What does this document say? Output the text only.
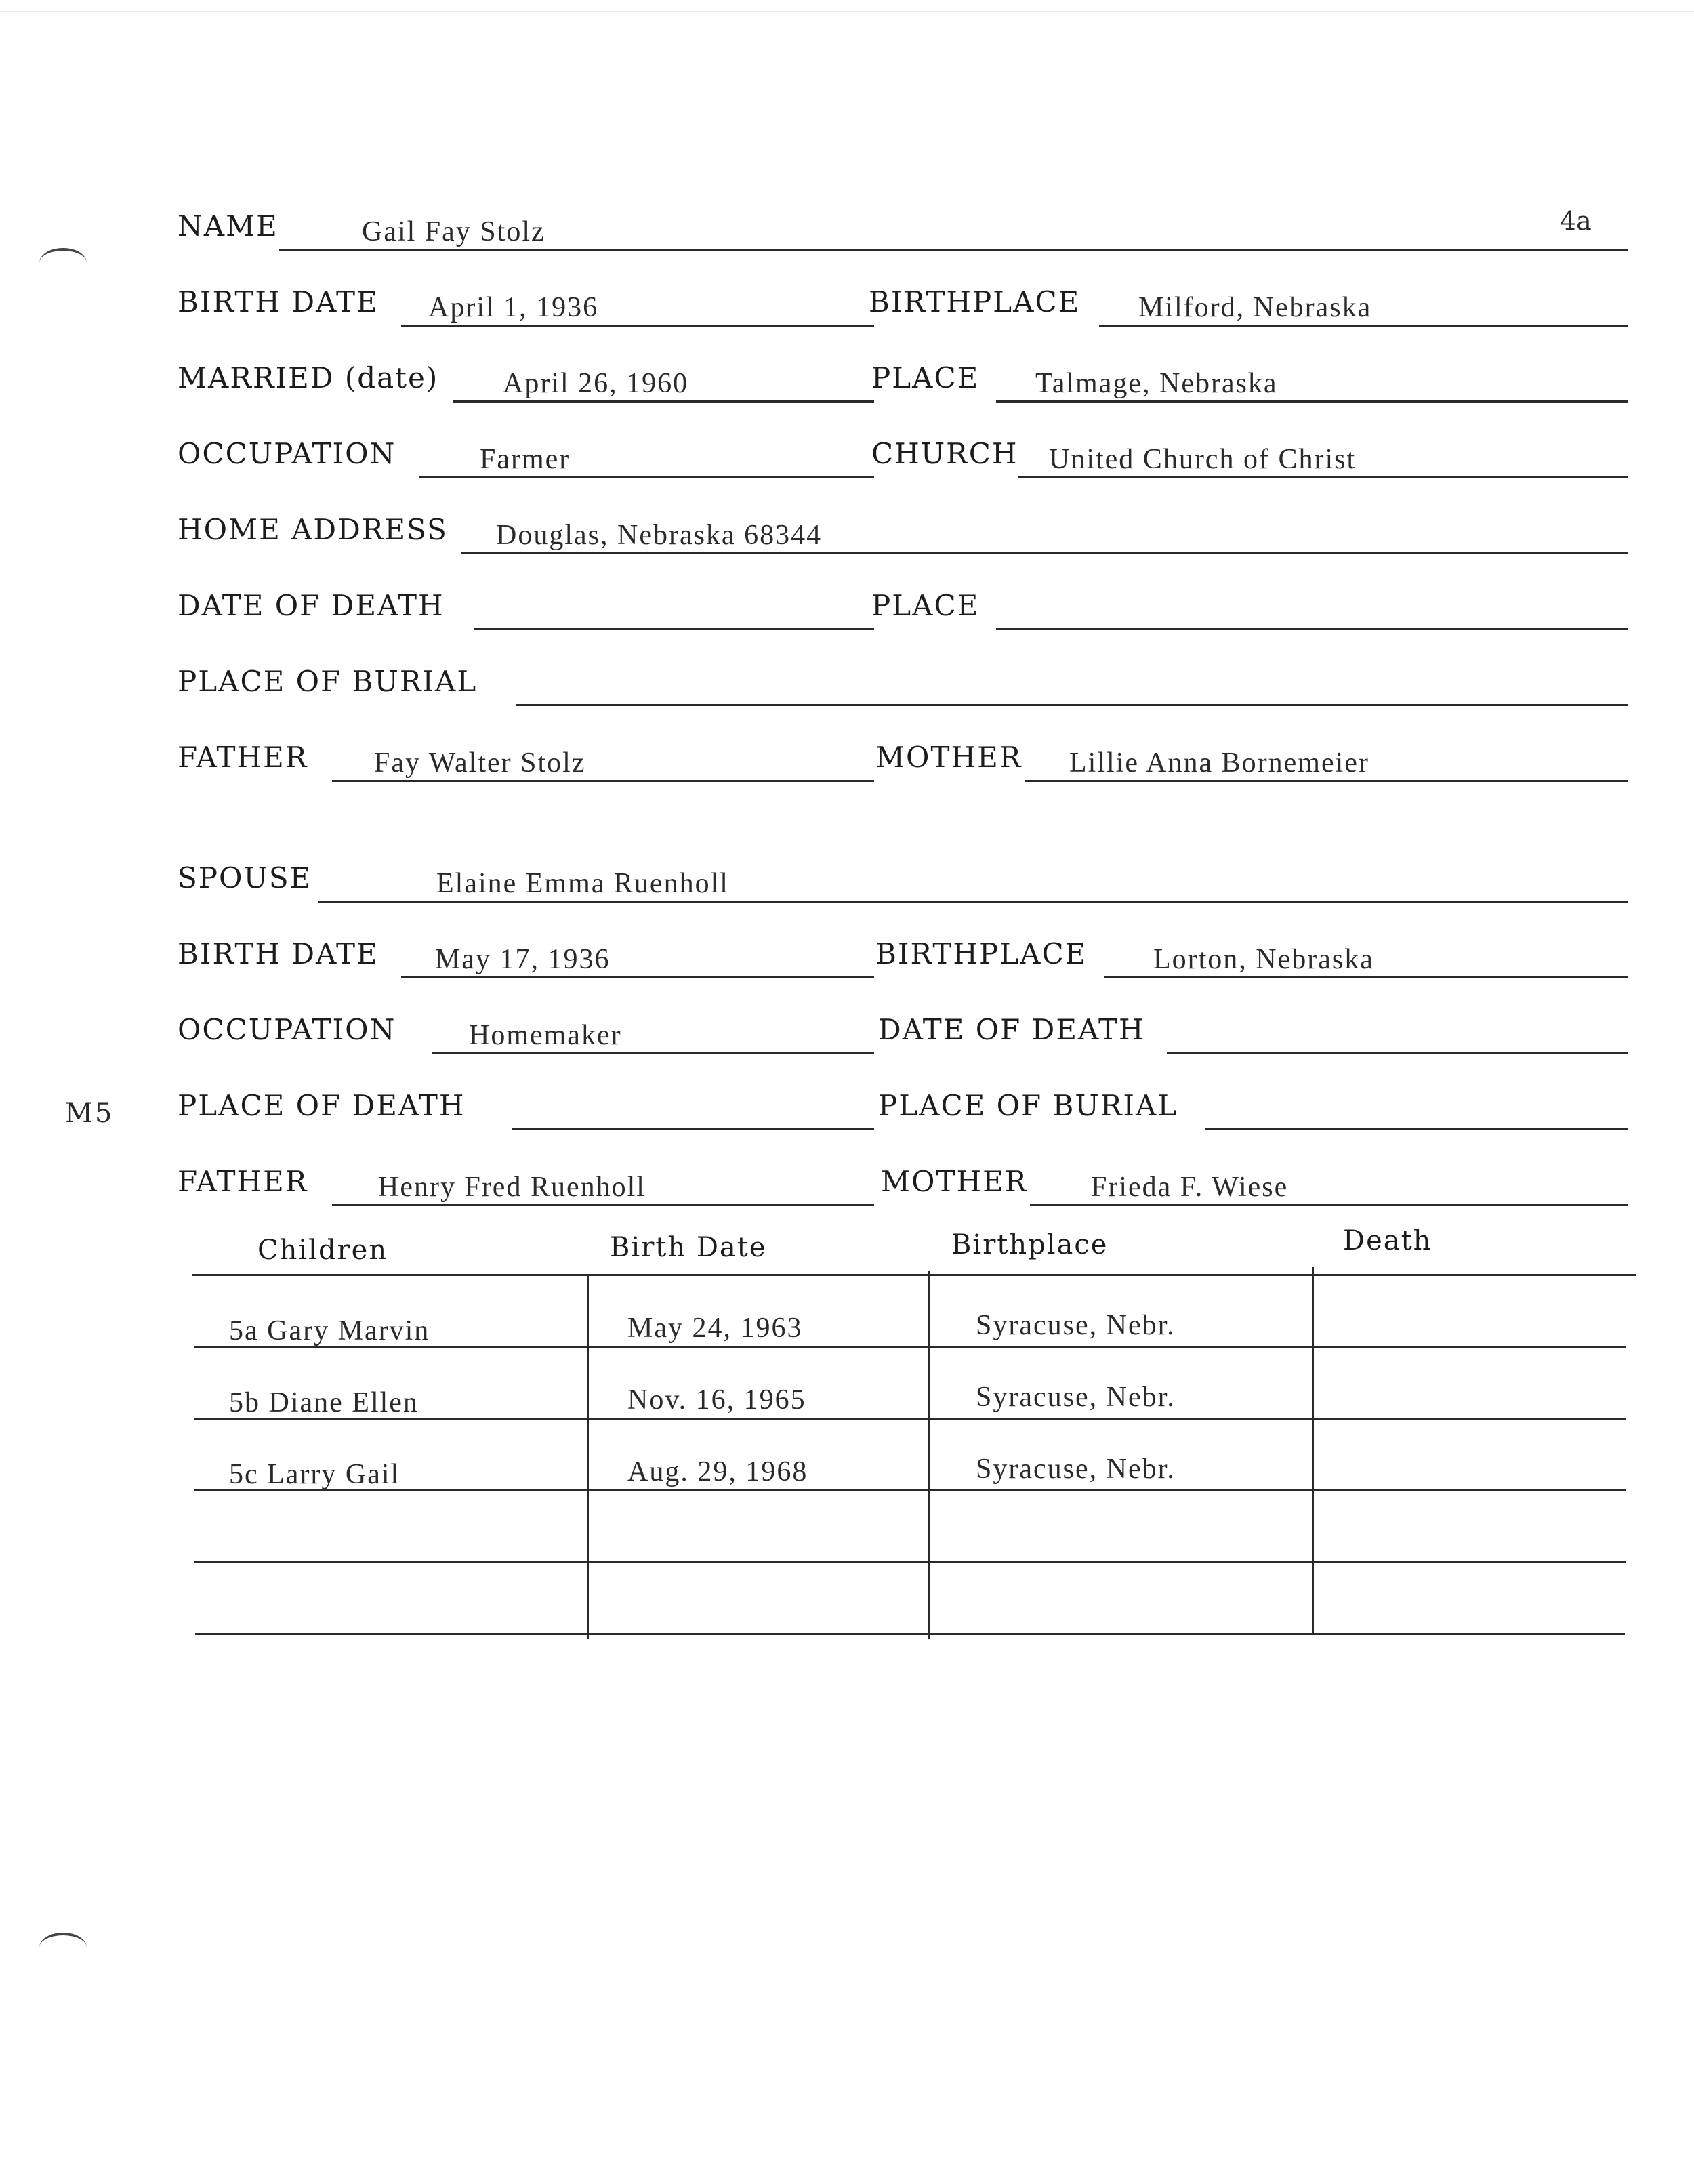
4a
M5
NAME	Gail Fay Stolz
BIRTH DATE April 1, 1936	BIRTHPLACE Milford, Nebraska
MARRIED (date) April 26, 1960	PLACE Talmage, Nebraska
OCCUPATION	Farmer	CHURCH United Church of Christ
HOME ADDRESS Douglas, Nebraska 68344
DATE OF DEATH	PLACE
PLACE OF BURIAL
FATHER Fay Walter Stolz	MOTHER Lillie Anna Bornemeier
SPOUSE	Elaine Emma Ruenholl
BIRTH DATE May 17, 1936	BIRTHPLACE Lorton, Nebraska
OCCUPATION	Homemaker	DATE OF DEATH
PLACE OF DEATH	PLACE OF BURIAL
FATHER Henry Fred Ruenholl	MOTHER Frieda F. Wiese
Children	Birth Date	Birthplace	Death
5a Gary Marvin	May 24, 1963	Syracuse, Nebr.
5b Diane Ellen	Nov. 16, 1965	Syracuse, Nebr.
5c Larry Gail	Aug. 29, 1968	Syracuse, Nebr.
